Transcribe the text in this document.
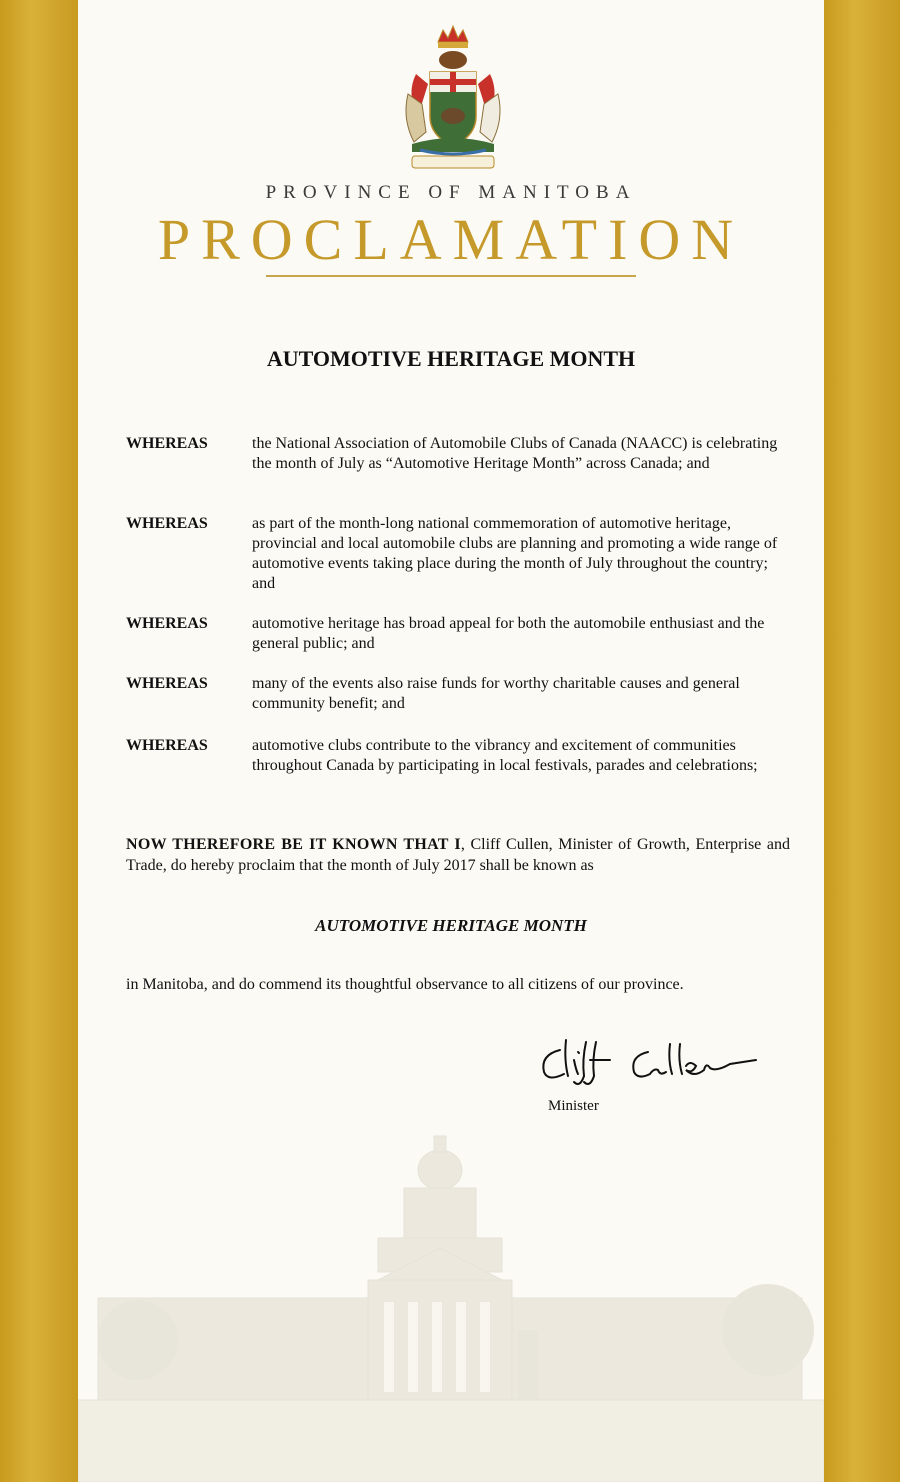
PROVINCE OF MANITOBA
PROCLAMATION
AUTOMOTIVE HERITAGE MONTH
WHEREAS	the National Association of Automobile Clubs of Canada (NAACC) is celebrating the month of July as “Automotive Heritage Month” across Canada; and
WHEREAS	as part of the month-long national commemoration of automotive heritage, provincial and local automobile clubs are planning and promoting a wide range of automotive events taking place during the month of July throughout the country; and
WHEREAS	automotive heritage has broad appeal for both the automobile enthusiast and the general public; and
WHEREAS	many of the events also raise funds for worthy charitable causes and general community benefit; and
WHEREAS	automotive clubs contribute to the vibrancy and excitement of communities throughout Canada by participating in local festivals, parades and celebrations;
NOW THEREFORE BE IT KNOWN THAT I, Cliff Cullen, Minister of Growth, Enterprise and Trade, do hereby proclaim that the month of July 2017 shall be known as
AUTOMOTIVE HERITAGE MONTH
in Manitoba, and do commend its thoughtful observance to all citizens of our province.
Minister
